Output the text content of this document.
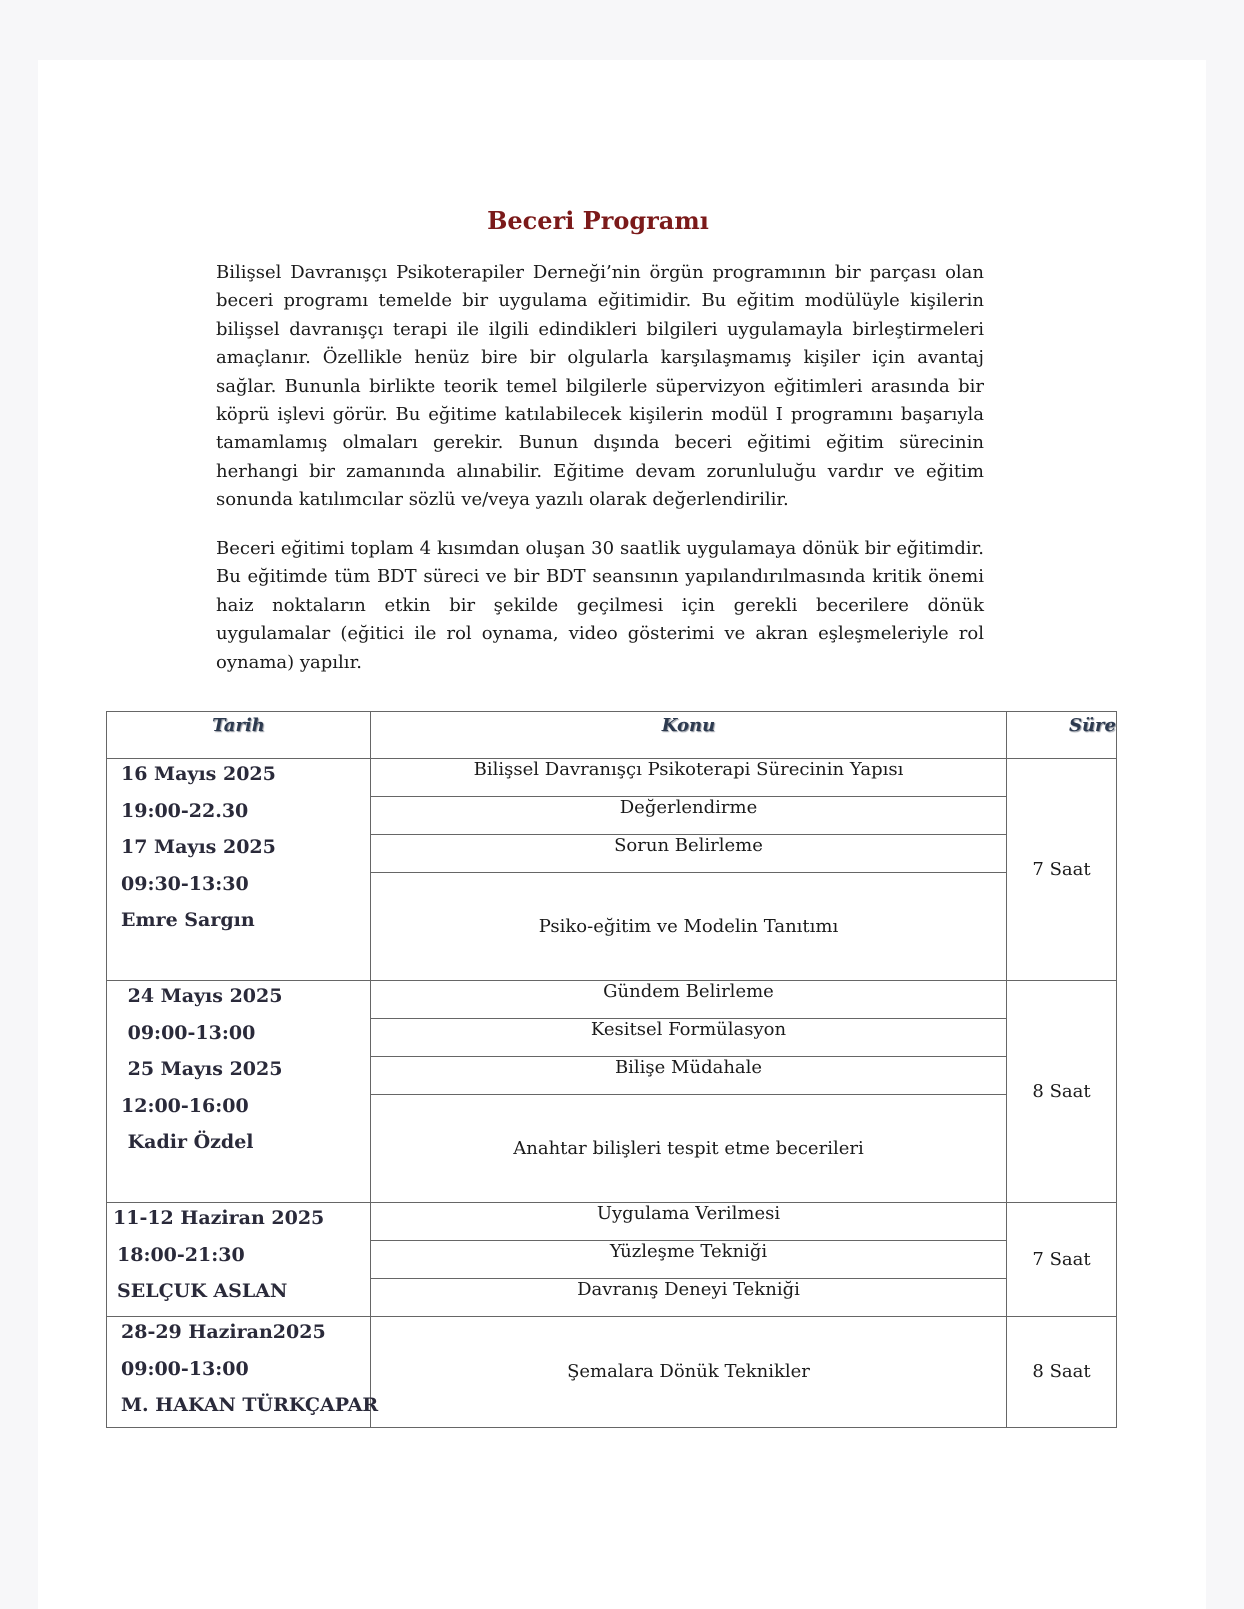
Beceri Programı

Bilişsel Davranışçı Psikoterapiler Derneği’nin örgün programının bir parçası olan beceri programı temelde bir uygulama eğitimidir. Bu eğitim modülüyle kişilerin bilişsel davranışçı terapi ile ilgili edindikleri bilgileri uygulamayla birleştirmeleri amaçlanır. Özellikle henüz bire bir olgularla karşılaşmamış kişiler için avantaj sağlar. Bununla birlikte teorik temel bilgilerle süpervizyon eğitimleri arasında bir köprü işlevi görür. Bu eğitime katılabilecek kişilerin modül I programını başarıyla tamamlamış olmaları gerekir. Bunun dışında beceri eğitimi eğitim sürecinin herhangi bir zamanında alınabilir. Eğitime devam zorunluluğu vardır ve eğitim sonunda katılımcılar sözlü ve/veya yazılı olarak değerlendirilir.

Beceri eğitimi toplam 4 kısımdan oluşan 30 saatlik uygulamaya dönük bir eğitimdir. Bu eğitimde tüm BDT süreci ve bir BDT seansının yapılandırılmasında kritik önemi haiz noktaların etkin bir şekilde geçilmesi için gerekli becerilere dönük uygulamalar (eğitici ile rol oynama, video gösterimi ve akran eşleşmeleriyle rol oynama) yapılır.

Tarih	Konu	Süre

16 Mayıs 2025
19:00-22.30
17 Mayıs 2025
09:30-13:30
Emre Sargın	Bilişsel Davranışçı Psikoterapi Sürecinin Yapısı	7 Saat
	Değerlendirme	
	Sorun Belirleme	
	Psiko-eğitim ve Modelin Tanıtımı	

24 Mayıs 2025
09:00-13:00
25 Mayıs 2025
12:00-16:00
Kadir Özdel	Gündem Belirleme	8 Saat
	Kesitsel Formülasyon	
	Bilişe Müdahale	
	Anahtar bilişleri tespit etme becerileri	

11-12 Haziran 2025
18:00-21:30
SELÇUK ASLAN	Uygulama Verilmesi	7 Saat
	Yüzleşme Tekniği	
	Davranış Deneyi Tekniği	

28-29 Haziran2025
09:00-13:00
M. HAKAN TÜRKÇAPAR	Şemalara Dönük Teknikler	8 Saat
